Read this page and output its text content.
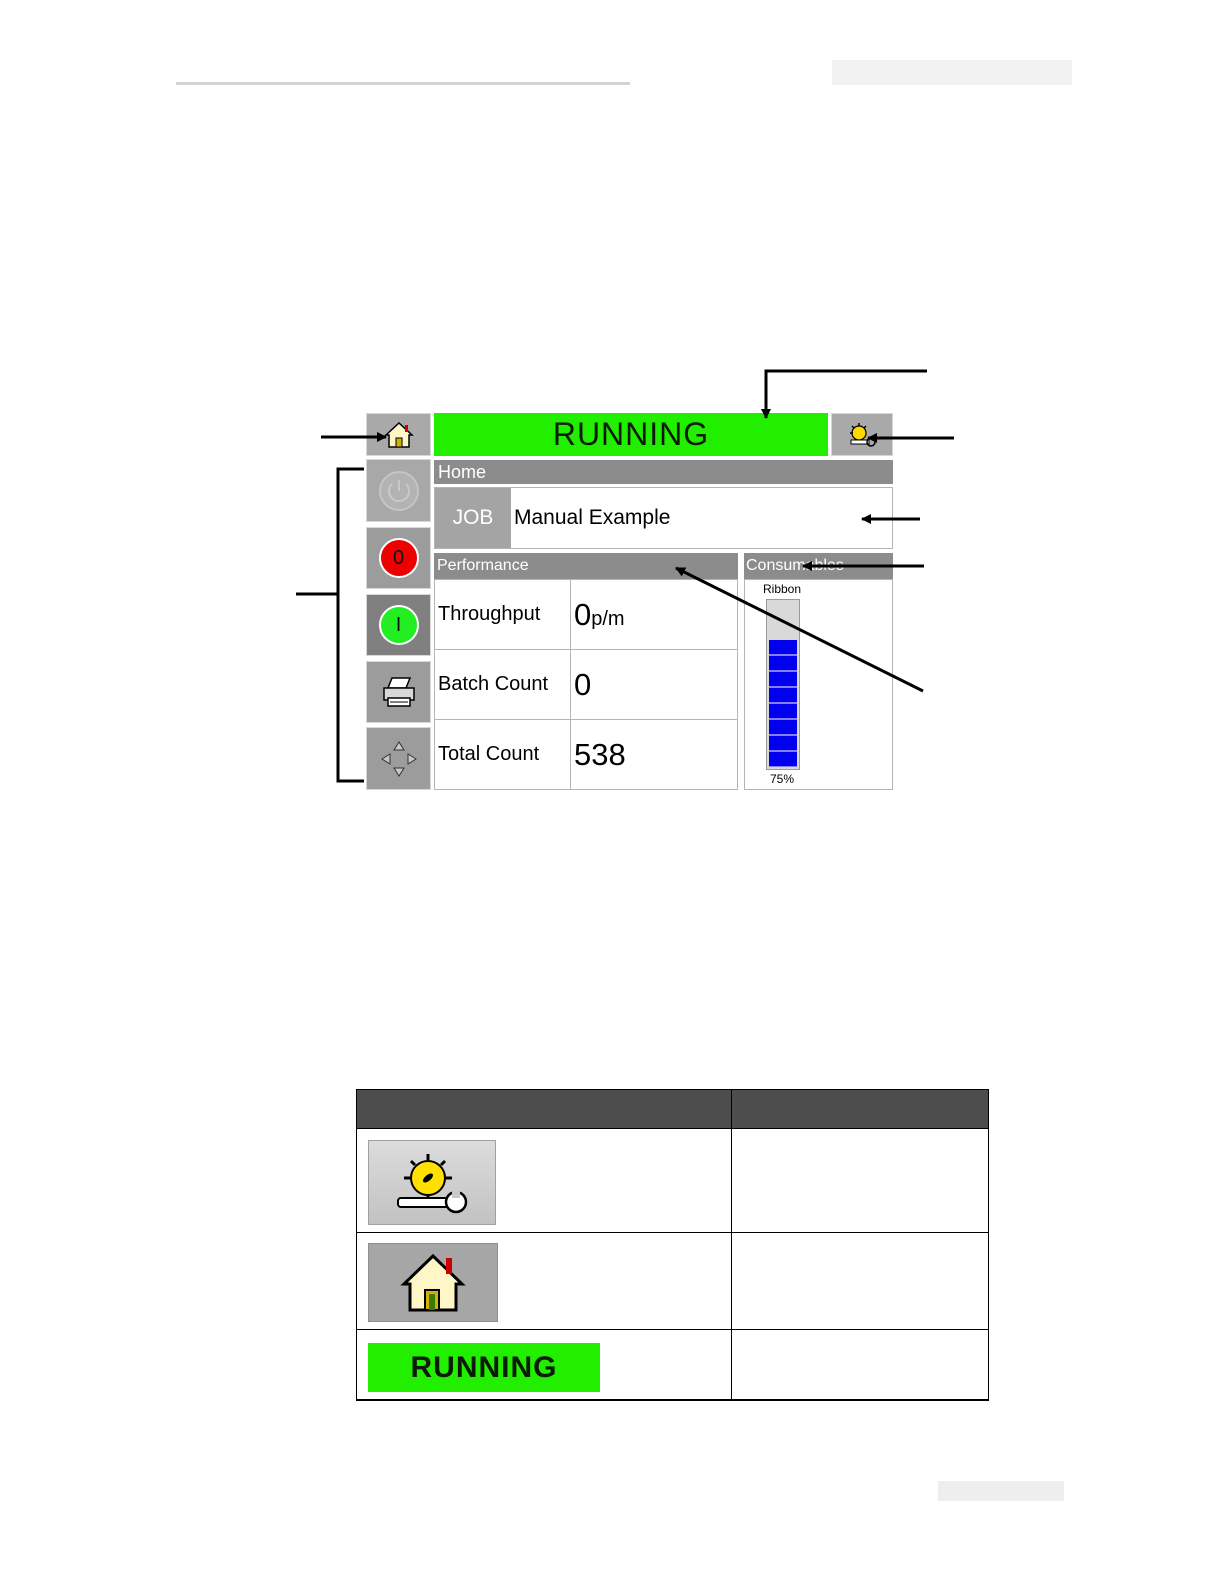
RUNNING
0
I
Home
JOB Manual Example
Performance
Throughput	0p/m
Batch Count 0
Total Count	538
Consumables
Ribbon
75%
RUNNING
